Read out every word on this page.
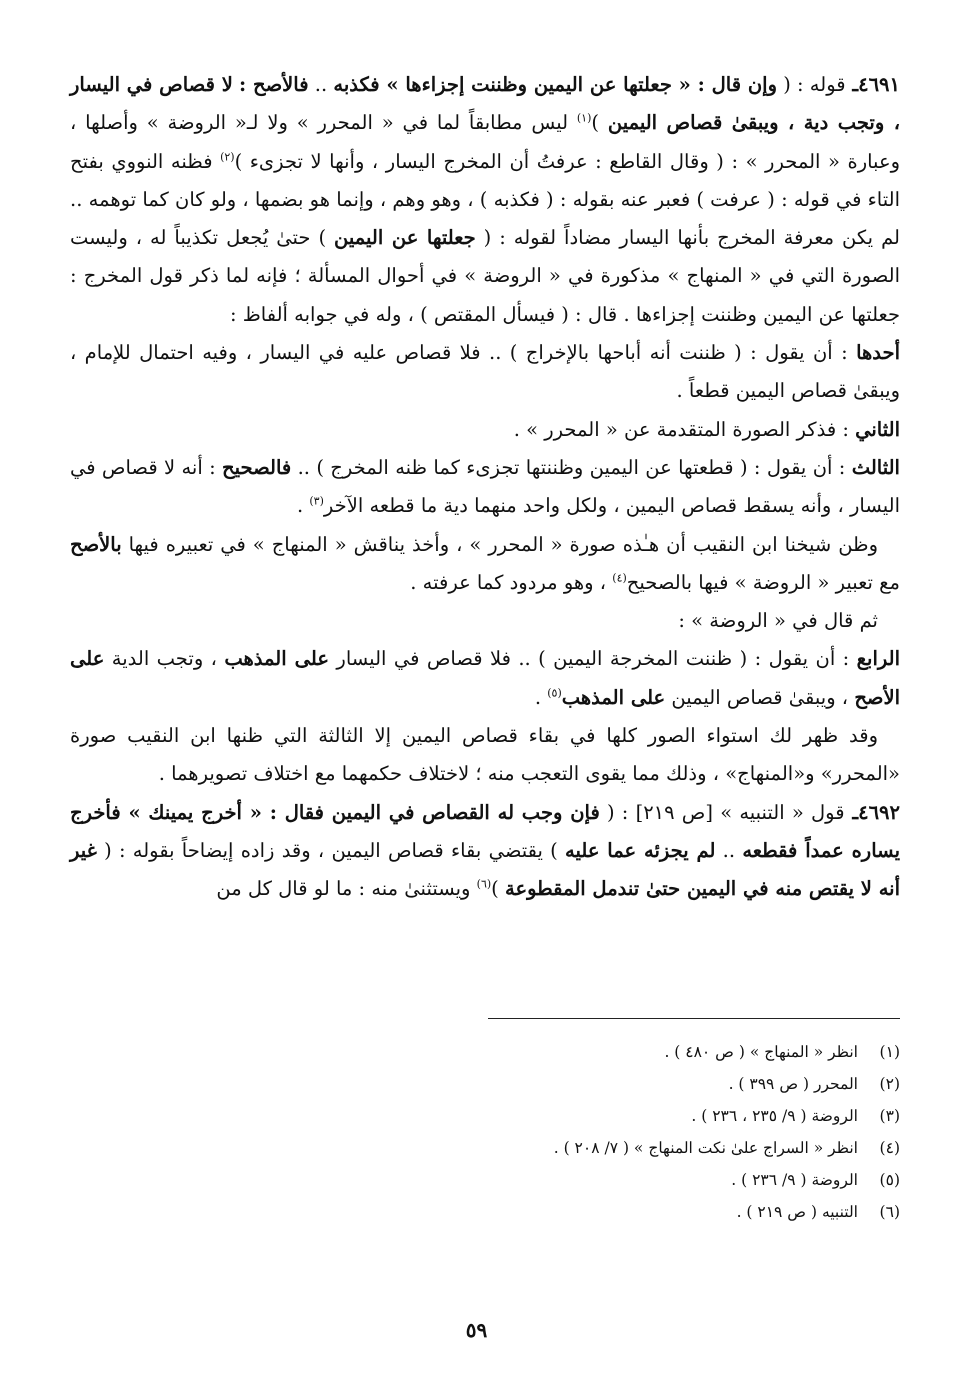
٤٦٩١ـ قوله : ( وإن قال : « جعلتها عن اليمين وظننت إجزاءها » فكذبه .. فالأصح : لا قصاص في اليسار ، وتجب دية ، ويبقىٰ قصاص اليمين )$^{(١)}$ ليس مطابقاً لما في « المحرر » ولا لـ« الروضة » وأصلها ، وعبارة « المحرر » : ( وقال القاطع : عرفتُ أن المخرج اليسار ، وأنها لا تجزىء )$^{(٢)}$ فظنه النووي بفتح التاء في قوله : ( عرفت ) فعبر عنه بقوله : ( فكذبه ) ، وهو وهم ، وإنما هو بضمها ، ولو كان كما توهمه .. لم يكن معرفة المخرج بأنها اليسار مضاداً لقوله : ( جعلتها عن اليمين ) حتىٰ يُجعل تكذيباً له ، وليست الصورة التي في « المنهاج » مذكورة في « الروضة » في أحوال المسألة ؛ فإنه لما ذكر قول المخرج : جعلتها عن اليمين وظننت إجزاءها . قال : ( فيسأل المقتص ) ، وله في جوابه ألفاظ :

أحدها : أن يقول : ( ظننت أنه أباحها بالإخراج ) .. فلا قصاص عليه في اليسار ، وفيه احتمال للإمام ، ويبقىٰ قصاص اليمين قطعاً .

الثاني : فذكر الصورة المتقدمة عن « المحرر » .

الثالث : أن يقول : ( قطعتها عن اليمين وظننتها تجزىء كما ظنه المخرج ) .. فالصحيح : أنه لا قصاص في اليسار ، وأنه يسقط قصاص اليمين ، ولكل واحد منهما دية ما قطعه الآخر$^{(٣)}$ .

وظن شيخنا ابن النقيب أن هـٰذه صورة « المحرر » ، وأخذ يناقش « المنهاج » في تعبيره فيها بالأصح مع تعبير « الروضة » فيها بالصحيح$^{(٤)}$ ، وهو مردود كما عرفته .

ثم قال في « الروضة » :

الرابع : أن يقول : ( ظننت المخرجة اليمين ) .. فلا قصاص في اليسار على المذهب ، وتجب الدية على الأصح ، ويبقىٰ قصاص اليمين على المذهب$^{(٥)}$ .

وقد ظهر لك استواء الصور كلها في بقاء قصاص اليمين إلا الثالثة التي ظنها ابن النقيب صورة «المحرر» و«المنهاج» ، وذلك مما يقوى التعجب منه ؛ لاختلاف حكمهما مع اختلاف تصويرهما .

٤٦٩٢ـ قول « التنبيه » [ص ٢١٩] : ( فإن وجب له القصاص في اليمين فقال : « أخرج يمينك » فأخرج يساره عمداً فقطعه .. لم يجزئه عما عليه ) يقتضي بقاء قصاص اليمين ، وقد زاده إيضاحاً بقوله : ( غير أنه لا يقتص منه في اليمين حتىٰ تندمل المقطوعة )$^{(٦)}$ ويستثنىٰ منه : ما لو قال كل من

(١)
انظر « المنهاج » ( ص ٤٨٠ ) .
(٢)
المحرر ( ص ٣٩٩ ) .
(٣)
الروضة ( ٩/ ٢٣٥ ، ٢٣٦ ) .
(٤)
انظر « السراج علىٰ نكت المنهاج » ( ٧/ ٢٠٨ ) .
(٥)
الروضة ( ٩/ ٢٣٦ ) .
(٦)
التنبيه ( ص ٢١٩ ) .
٥٩
